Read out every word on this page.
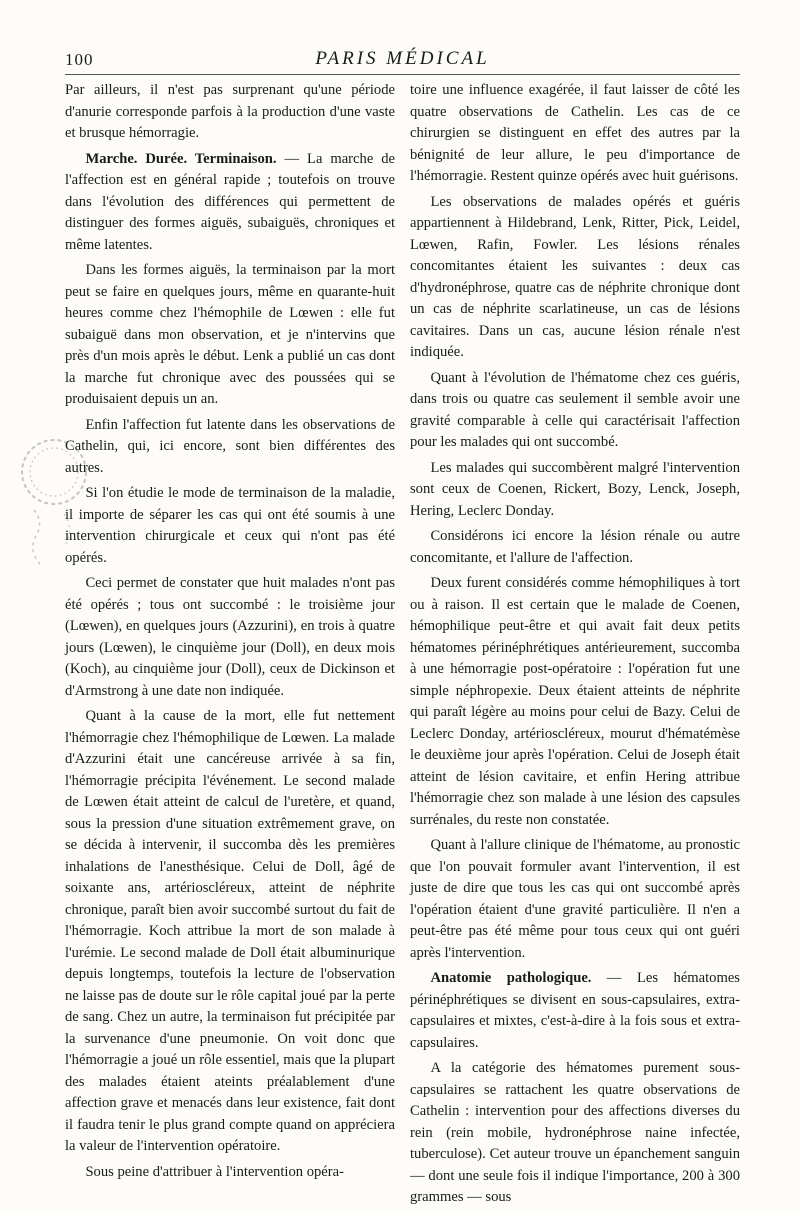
100	PARIS MÉDICAL

Par ailleurs, il n'est pas surprenant qu'une période d'anurie corresponde parfois à la production d'une vaste et brusque hémorragie.

Marche. Durée. Terminaison. — La marche de l'affection est en général rapide ; toutefois on trouve dans l'évolution des différences qui permettent de distinguer des formes aiguës, subaiguës, chroniques et même latentes.

Dans les formes aiguës, la terminaison par la mort peut se faire en quelques jours, même en quarante-huit heures comme chez l'hémophile de Lœwen : elle fut subaiguë dans mon observation, et je n'intervins que près d'un mois après le début. Lenk a publié un cas dont la marche fut chronique avec des poussées qui se produisaient depuis un an.

Enfin l'affection fut latente dans les observations de Cathelin, qui, ici encore, sont bien différentes des autres.

Si l'on étudie le mode de terminaison de la maladie, il importe de séparer les cas qui ont été soumis à une intervention chirurgicale et ceux qui n'ont pas été opérés.

Ceci permet de constater que huit malades n'ont pas été opérés ; tous ont succombé : le troisième jour (Lœwen), en quelques jours (Azzurini), en trois à quatre jours (Lœwen), le cinquième jour (Doll), en deux mois (Koch), au cinquième jour (Doll), ceux de Dickinson et d'Armstrong à une date non indiquée.

Quant à la cause de la mort, elle fut nettement l'hémorragie chez l'hémophilique de Lœwen. La malade d'Azzurini était une cancéreuse arrivée à sa fin, l'hémorragie précipita l'événement. Le second malade de Lœwen était atteint de calcul de l'uretère, et quand, sous la pression d'une situation extrêmement grave, on se décida à intervenir, il succomba dès les premières inhalations de l'anesthésique. Celui de Doll, âgé de soixante ans, artérioscléreux, atteint de néphrite chronique, paraît bien avoir succombé surtout du fait de l'hémorragie. Koch attribue la mort de son malade à l'urémie. Le second malade de Doll était albuminurique depuis longtemps, toutefois la lecture de l'observation ne laisse pas de doute sur le rôle capital joué par la perte de sang. Chez un autre, la terminaison fut précipitée par la survenance d'une pneumonie. On voit donc que l'hémorragie a joué un rôle essentiel, mais que la plupart des malades étaient ateints préalablement d'une affection grave et menacés dans leur existence, fait dont il faudra tenir le plus grand compte quand on appréciera la valeur de l'intervention opératoire.

Sous peine d'attribuer à l'intervention opéra-

toire une influence exagérée, il faut laisser de côté les quatre observations de Cathelin. Les cas de ce chirurgien se distinguent en effet des autres par la bénignité de leur allure, le peu d'importance de l'hémorragie. Restent quinze opérés avec huit guérisons.

Les observations de malades opérés et guéris appartiennent à Hildebrand, Lenk, Ritter, Pick, Leidel, Lœwen, Rafin, Fowler. Les lésions rénales concomitantes étaient les suivantes : deux cas d'hydronéphrose, quatre cas de néphrite chronique dont un cas de néphrite scarlatineuse, un cas de lésions cavitaires. Dans un cas, aucune lésion rénale n'est indiquée.

Quant à l'évolution de l'hématome chez ces guéris, dans trois ou quatre cas seulement il semble avoir une gravité comparable à celle qui caractérisait l'affection pour les malades qui ont succombé.

Les malades qui succombèrent malgré l'intervention sont ceux de Coenen, Rickert, Bozy, Lenck, Joseph, Hering, Leclerc Donday.

Considérons ici encore la lésion rénale ou autre concomitante, et l'allure de l'affection.

Deux furent considérés comme hémophiliques à tort ou à raison. Il est certain que le malade de Coenen, hémophilique peut-être et qui avait fait deux petits hématomes périnéphrétiques antérieurement, succomba à une hémorragie post-opératoire : l'opération fut une simple néphropexie. Deux étaient atteints de néphrite qui paraît légère au moins pour celui de Bazy. Celui de Leclerc Donday, artérioscléreux, mourut d'hématémèse le deuxième jour après l'opération. Celui de Joseph était atteint de lésion cavitaire, et enfin Hering attribue l'hémorragie chez son malade à une lésion des capsules surrénales, du reste non constatée.

Quant à l'allure clinique de l'hématome, au pronostic que l'on pouvait formuler avant l'intervention, il est juste de dire que tous les cas qui ont succombé après l'opération étaient d'une gravité particulière. Il n'en a peut-être pas été même pour tous ceux qui ont guéri après l'intervention.

Anatomie pathologique. — Les hématomes périnéphrétiques se divisent en sous-capsulaires, extra-capsulaires et mixtes, c'est-à-dire à la fois sous et extra-capsulaires.

A la catégorie des hématomes purement sous-capsulaires se rattachent les quatre observations de Cathelin : intervention pour des affections diverses du rein (rein mobile, hydronéphrose naine infectée, tuberculose). Cet auteur trouve un épanchement sanguin — dont une seule fois il indique l'importance, 200 à 300 grammes — sous
